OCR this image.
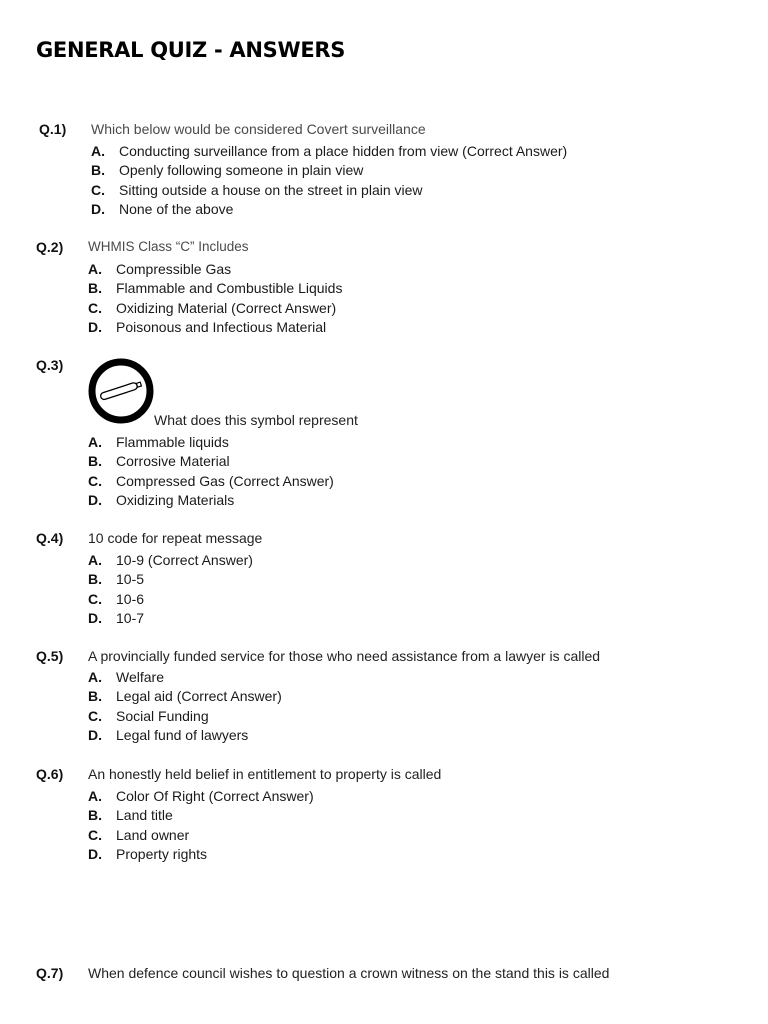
GENERAL QUIZ - ANSWERS
Q.1) Which below would be considered Covert surveillance
A. Conducting surveillance from a place hidden from view (Correct Answer)
B. Openly following someone in plain view
C. Sitting outside a house on the street in plain view
D. None of the above
Q.2) WHMIS Class “C” Includes
A. Compressible Gas
B. Flammable and Combustible Liquids
C. Oxidizing Material (Correct Answer)
D. Poisonous and Infectious Material
Q.3)
What does this symbol represent
A. Flammable liquids
B. Corrosive Material
C. Compressed Gas (Correct Answer)
D. Oxidizing Materials
Q.4) 10 code for repeat message
A. 10-9 (Correct Answer)
B. 10-5
C. 10-6
D. 10-7
Q.5) A provincially funded service for those who need assistance from a lawyer is called
A. Welfare
B. Legal aid (Correct Answer)
C. Social Funding
D. Legal fund of lawyers
Q.6) An honestly held belief in entitlement to property is called
A. Color Of Right (Correct Answer)
B. Land title
C. Land owner
D. Property rights
Q.7) When defence council wishes to question a crown witness on the stand this is called
